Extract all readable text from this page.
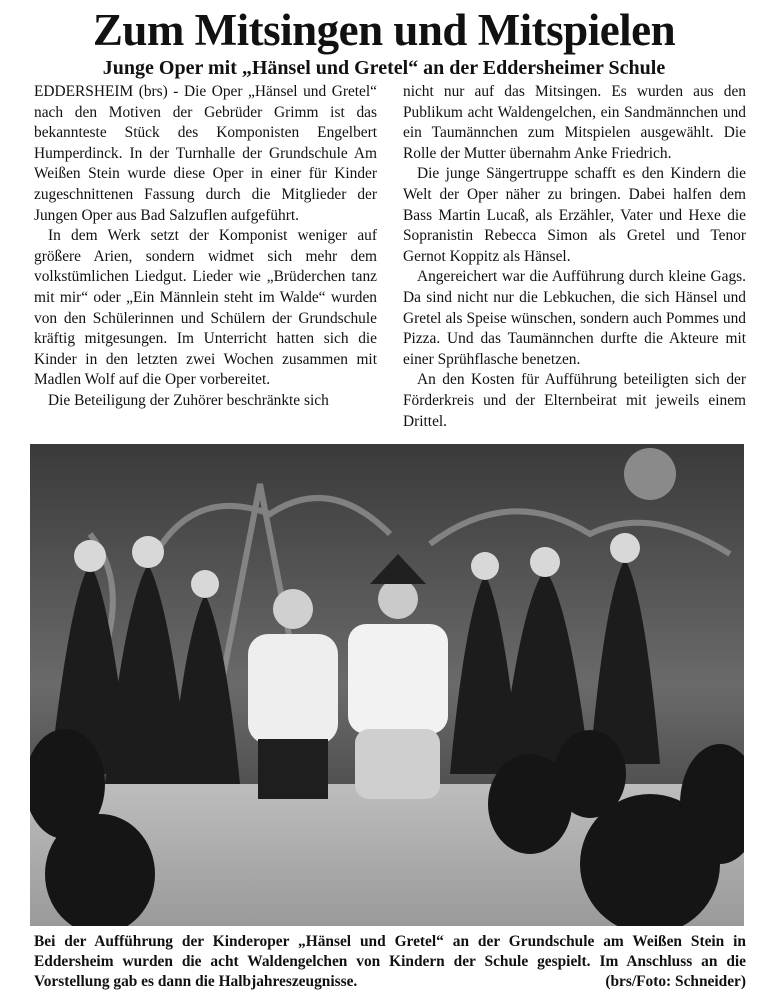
Zum Mitsingen und Mitspielen
Junge Oper mit „Hänsel und Gretel“ an der Eddersheimer Schule

EDDERSHEIM (brs) - Die Oper „Hänsel und Gretel“ nach den Motiven der Gebrüder Grimm ist das bekannteste Stück des Komponisten Engelbert Humperdinck. In der Turnhalle der Grundschule Am Weißen Stein wurde diese Oper in einer für Kinder zugeschnittenen Fassung durch die Mitglieder der Jungen Oper aus Bad Salzuflen aufgeführt.

In dem Werk setzt der Komponist weniger auf größere Arien, sondern widmet sich mehr dem volkstümlichen Liedgut. Lieder wie „Brüderchen tanz mit mir“ oder „Ein Männlein steht im Walde“ wurden von den Schülerinnen und Schülern der Grundschule kräftig mitgesungen. Im Unterricht hatten sich die Kinder in den letzten zwei Wochen zusammen mit Madlen Wolf auf die Oper vorbereitet.

Die Beteiligung der Zuhörer beschränkte sich

nicht nur auf das Mitsingen. Es wurden aus den Publikum acht Waldengelchen, ein Sandmännchen und ein Taumännchen zum Mitspielen ausgewählt. Die Rolle der Mutter übernahm Anke Friedrich.

Die junge Sängertruppe schafft es den Kindern die Welt der Oper näher zu bringen. Dabei halfen dem Bass Martin Lucaß, als Erzähler, Vater und Hexe die Sopranistin Rebecca Simon als Gretel und Tenor Gernot Koppitz als Hänsel.

Angereichert war die Aufführung durch kleine Gags. Da sind nicht nur die Lebkuchen, die sich Hänsel und Gretel als Speise wünschen, sondern auch Pommes und Pizza. Und das Taumännchen durfte die Akteure mit einer Sprühflasche benetzen.

An den Kosten für Aufführung beteiligten sich der Förderkreis und der Elternbeirat mit jeweils einem Drittel.

Bei der Aufführung der Kinderoper „Hänsel und Gretel“ an der Grundschule am Weißen Stein in Eddersheim wurden die acht Waldengelchen von Kindern der Schule gespielt. Im Anschluss an die Vorstellung gab es dann die Halbjahreszeugnisse.	(brs/Foto: Schneider)
